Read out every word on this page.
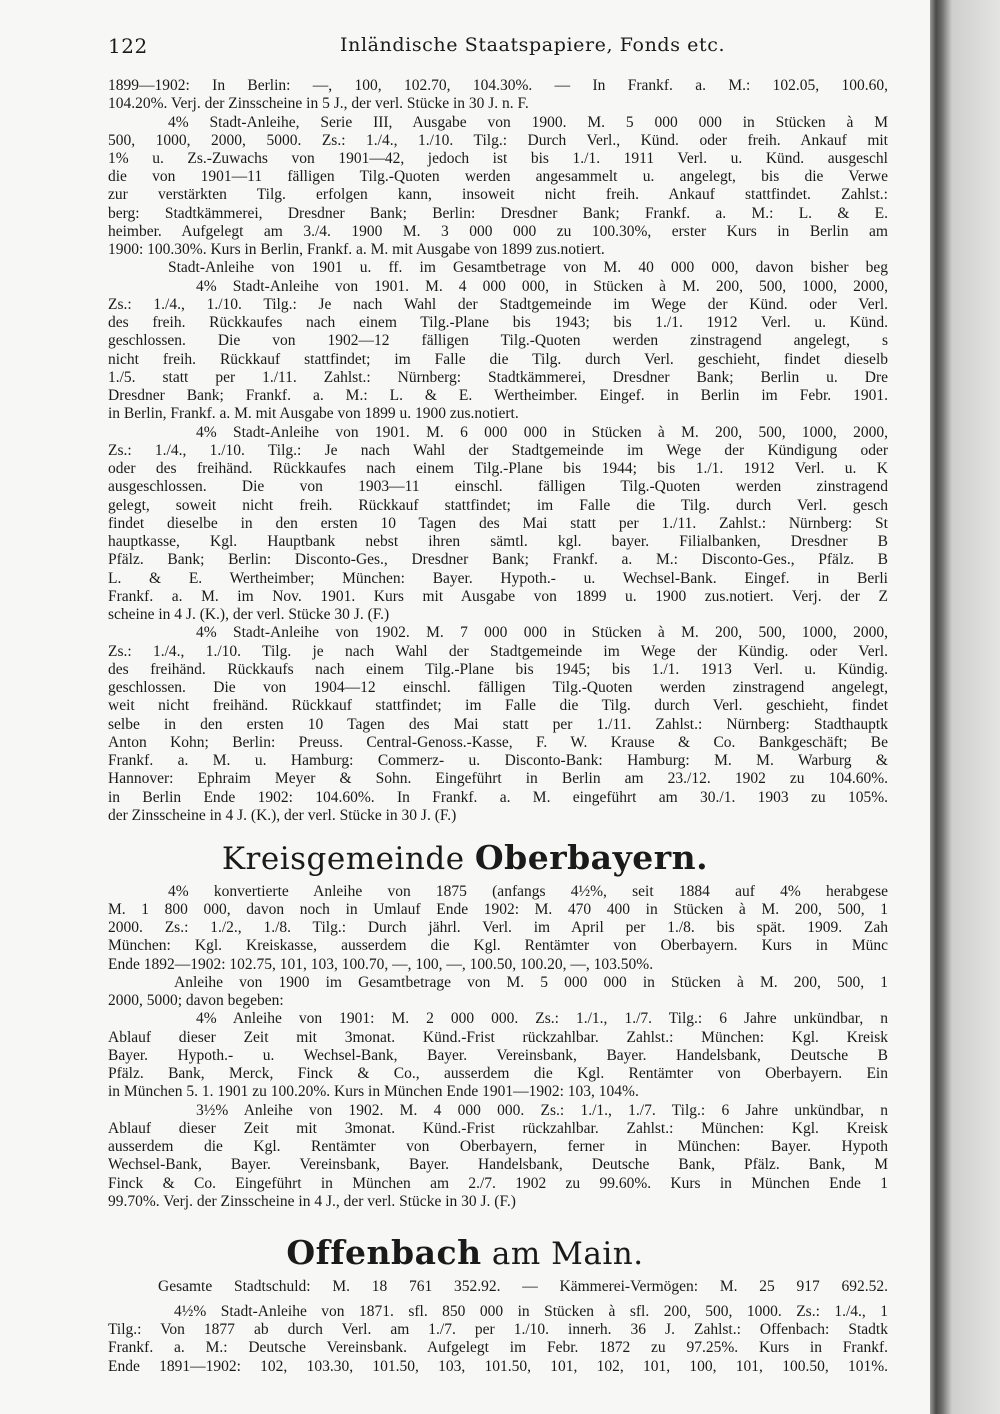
122	Inländische Staatspapiere, Fonds etc.
1899—1902: In Berlin: —, 100, 102.70, 104.30%. — In Frankf. a. M.: 102.05, 100.60,
104.20%. Verj. der Zinsscheine in 5 J., der verl. Stücke in 30 J. n. F.
4% Stadt-Anleihe, Serie III, Ausgabe von 1900. M. 5 000 000 in Stücken à M
500, 1000, 2000, 5000. Zs.: 1./4., 1./10. Tilg.: Durch Verl., Künd. oder freih. Ankauf mit
1% u. Zs.-Zuwachs von 1901—42, jedoch ist bis 1./1. 1911 Verl. u. Künd. ausgeschl
die von 1901—11 fälligen Tilg.-Quoten werden angesammelt u. angelegt, bis die Verwe
zur verstärkten Tilg. erfolgen kann, insoweit nicht freih. Ankauf stattfindet. Zahlst.:
berg: Stadtkämmerei, Dresdner Bank; Berlin: Dresdner Bank; Frankf. a. M.: L. & E.
heimber. Aufgelegt am 3./4. 1900 M. 3 000 000 zu 100.30%, erster Kurs in Berlin am
1900: 100.30%. Kurs in Berlin, Frankf. a. M. mit Ausgabe von 1899 zus.notiert.
Stadt-Anleihe von 1901 u. ff. im Gesamtbetrage von M. 40 000 000, davon bisher beg
4% Stadt-Anleihe von 1901. M. 4 000 000, in Stücken à M. 200, 500, 1000, 2000,
Zs.: 1./4., 1./10. Tilg.: Je nach Wahl der Stadtgemeinde im Wege der Künd. oder Verl.
des freih. Rückkaufes nach einem Tilg.-Plane bis 1943; bis 1./1. 1912 Verl. u. Künd.
geschlossen. Die von 1902—12 fälligen Tilg.-Quoten werden zinstragend angelegt, s
nicht freih. Rückkauf stattfindet; im Falle die Tilg. durch Verl. geschieht, findet dieselb
1./5. statt per 1./11. Zahlst.: Nürnberg: Stadtkämmerei, Dresdner Bank; Berlin u. Dre
Dresdner Bank; Frankf. a. M.: L. & E. Wertheimber. Eingef. in Berlin im Febr. 1901.
in Berlin, Frankf. a. M. mit Ausgabe von 1899 u. 1900 zus.notiert.
4% Stadt-Anleihe von 1901. M. 6 000 000 in Stücken à M. 200, 500, 1000, 2000,
Zs.: 1./4., 1./10. Tilg.: Je nach Wahl der Stadtgemeinde im Wege der Kündigung oder
oder des freihänd. Rückkaufes nach einem Tilg.-Plane bis 1944; bis 1./1. 1912 Verl. u. K
ausgeschlossen. Die von 1903—11 einschl. fälligen Tilg.-Quoten werden zinstragend
gelegt, soweit nicht freih. Rückkauf stattfindet; im Falle die Tilg. durch Verl. gesch
findet dieselbe in den ersten 10 Tagen des Mai statt per 1./11. Zahlst.: Nürnberg: St
hauptkasse, Kgl. Hauptbank nebst ihren sämtl. kgl. bayer. Filialbanken, Dresdner B
Pfälz. Bank; Berlin: Disconto-Ges., Dresdner Bank; Frankf. a. M.: Disconto-Ges., Pfälz. B
L. & E. Wertheimber; München: Bayer. Hypoth.- u. Wechsel-Bank. Eingef. in Berli
Frankf. a. M. im Nov. 1901. Kurs mit Ausgabe von 1899 u. 1900 zus.notiert. Verj. der Z
scheine in 4 J. (K.), der verl. Stücke 30 J. (F.)
4% Stadt-Anleihe von 1902. M. 7 000 000 in Stücken à M. 200, 500, 1000, 2000,
Zs.: 1./4., 1./10. Tilg. je nach Wahl der Stadtgemeinde im Wege der Kündig. oder Verl.
des freihänd. Rückkaufs nach einem Tilg.-Plane bis 1945; bis 1./1. 1913 Verl. u. Kündig.
geschlossen. Die von 1904—12 einschl. fälligen Tilg.-Quoten werden zinstragend angelegt,
weit nicht freihänd. Rückkauf stattfindet; im Falle die Tilg. durch Verl. geschieht, findet
selbe in den ersten 10 Tagen des Mai statt per 1./11. Zahlst.: Nürnberg: Stadthauptk
Anton Kohn; Berlin: Preuss. Central-Genoss.-Kasse, F. W. Krause & Co. Bankgeschäft; Be
Frankf. a. M. u. Hamburg: Commerz- u. Disconto-Bank: Hamburg: M. M. Warburg &
Hannover: Ephraim Meyer & Sohn. Eingeführt in Berlin am 23./12. 1902 zu 104.60%.
in Berlin Ende 1902: 104.60%. In Frankf. a. M. eingeführt am 30./1. 1903 zu 105%.
der Zinsscheine in 4 J. (K.), der verl. Stücke in 30 J. (F.)
Kreisgemeinde Oberbayern.
4% konvertierte Anleihe von 1875 (anfangs 4½%, seit 1884 auf 4% herabgese
M. 1 800 000, davon noch in Umlauf Ende 1902: M. 470 400 in Stücken à M. 200, 500, 1
2000. Zs.: 1./2., 1./8. Tilg.: Durch jährl. Verl. im April per 1./8. bis spät. 1909. Zah
München: Kgl. Kreiskasse, ausserdem die Kgl. Rentämter von Oberbayern. Kurs in Münc
Ende 1892—1902: 102.75, 101, 103, 100.70, —, 100, —, 100.50, 100.20, —, 103.50%.
Anleihe von 1900 im Gesamtbetrage von M. 5 000 000 in Stücken à M. 200, 500, 1
2000, 5000; davon begeben:
4% Anleihe von 1901: M. 2 000 000. Zs.: 1./1., 1./7. Tilg.: 6 Jahre unkündbar, n
Ablauf dieser Zeit mit 3monat. Künd.-Frist rückzahlbar. Zahlst.: München: Kgl. Kreisk
Bayer. Hypoth.- u. Wechsel-Bank, Bayer. Vereinsbank, Bayer. Handelsbank, Deutsche B
Pfälz. Bank, Merck, Finck & Co., ausserdem die Kgl. Rentämter von Oberbayern. Ein
in München 5. 1. 1901 zu 100.20%. Kurs in München Ende 1901—1902: 103, 104%.
3½% Anleihe von 1902. M. 4 000 000. Zs.: 1./1., 1./7. Tilg.: 6 Jahre unkündbar, n
Ablauf dieser Zeit mit 3monat. Künd.-Frist rückzahlbar. Zahlst.: München: Kgl. Kreisk
ausserdem die Kgl. Rentämter von Oberbayern, ferner in München: Bayer. Hypoth
Wechsel-Bank, Bayer. Vereinsbank, Bayer. Handelsbank, Deutsche Bank, Pfälz. Bank, M
Finck & Co. Eingeführt in München am 2./7. 1902 zu 99.60%. Kurs in München Ende 1
99.70%. Verj. der Zinsscheine in 4 J., der verl. Stücke in 30 J. (F.)
Offenbach am Main.
Gesamte Stadtschuld: M. 18 761 352.92. — Kämmerei-Vermögen: M. 25 917 692.52.
4½% Stadt-Anleihe von 1871. sfl. 850 000 in Stücken à sfl. 200, 500, 1000. Zs.: 1./4., 1
Tilg.: Von 1877 ab durch Verl. am 1./7. per 1./10. innerh. 36 J. Zahlst.: Offenbach: Stadtk
Frankf. a. M.: Deutsche Vereinsbank. Aufgelegt im Febr. 1872 zu 97.25%. Kurs in Frankf.
Ende 1891—1902: 102, 103.30, 101.50, 103, 101.50, 101, 102, 101, 100, 101, 100.50, 101%.
